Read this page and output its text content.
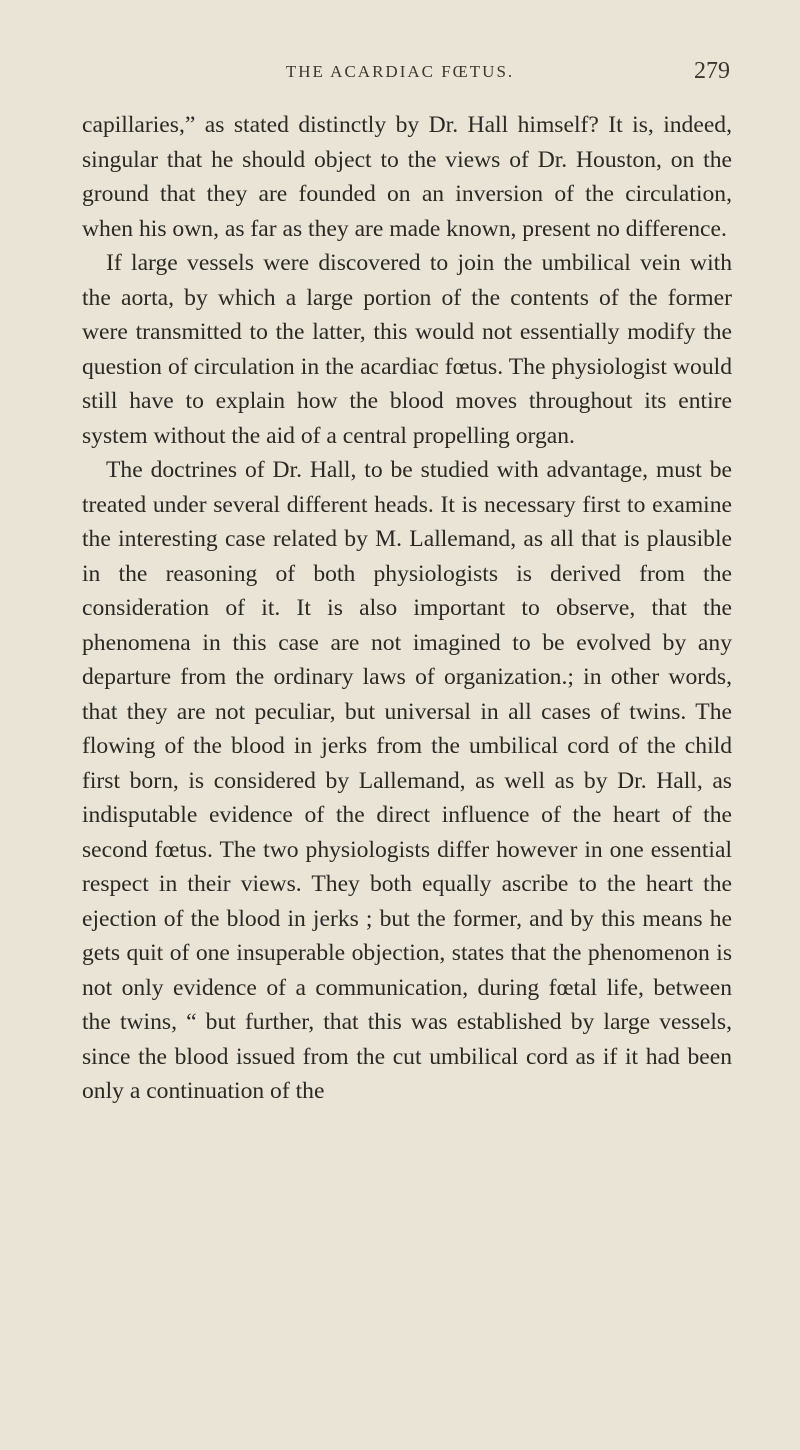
THE ACARDIAC FŒTUS.	279

capillaries,” as stated distinctly by Dr. Hall himself? It is, indeed, singular that he should object to the views of Dr. Houston, on the ground that they are founded on an inversion of the circulation, when his own, as far as they are made known, present no difference.

If large vessels were discovered to join the umbilical vein with the aorta, by which a large portion of the contents of the former were transmitted to the latter, this would not essentially modify the question of circulation in the acardiac fœtus. The physiologist would still have to explain how the blood moves throughout its entire system without the aid of a central propelling organ.

The doctrines of Dr. Hall, to be studied with advantage, must be treated under several different heads. It is necessary first to examine the interesting case related by M. Lallemand, as all that is plausible in the reasoning of both physiologists is derived from the consideration of it. It is also important to observe, that the phenomena in this case are not imagined to be evolved by any departure from the ordinary laws of organization.; in other words, that they are not peculiar, but universal in all cases of twins. The flowing of the blood in jerks from the umbilical cord of the child first born, is considered by Lallemand, as well as by Dr. Hall, as indisputable evidence of the direct influence of the heart of the second fœtus. The two physiologists differ however in one essential respect in their views. They both equally ascribe to the heart the ejection of the blood in jerks ; but the former, and by this means he gets quit of one insuperable objection, states that the phenomenon is not only evidence of a communication, during fœtal life, between the twins, “ but further, that this was established by large vessels, since the blood issued from the cut umbilical cord as if it had been only a continuation of the
